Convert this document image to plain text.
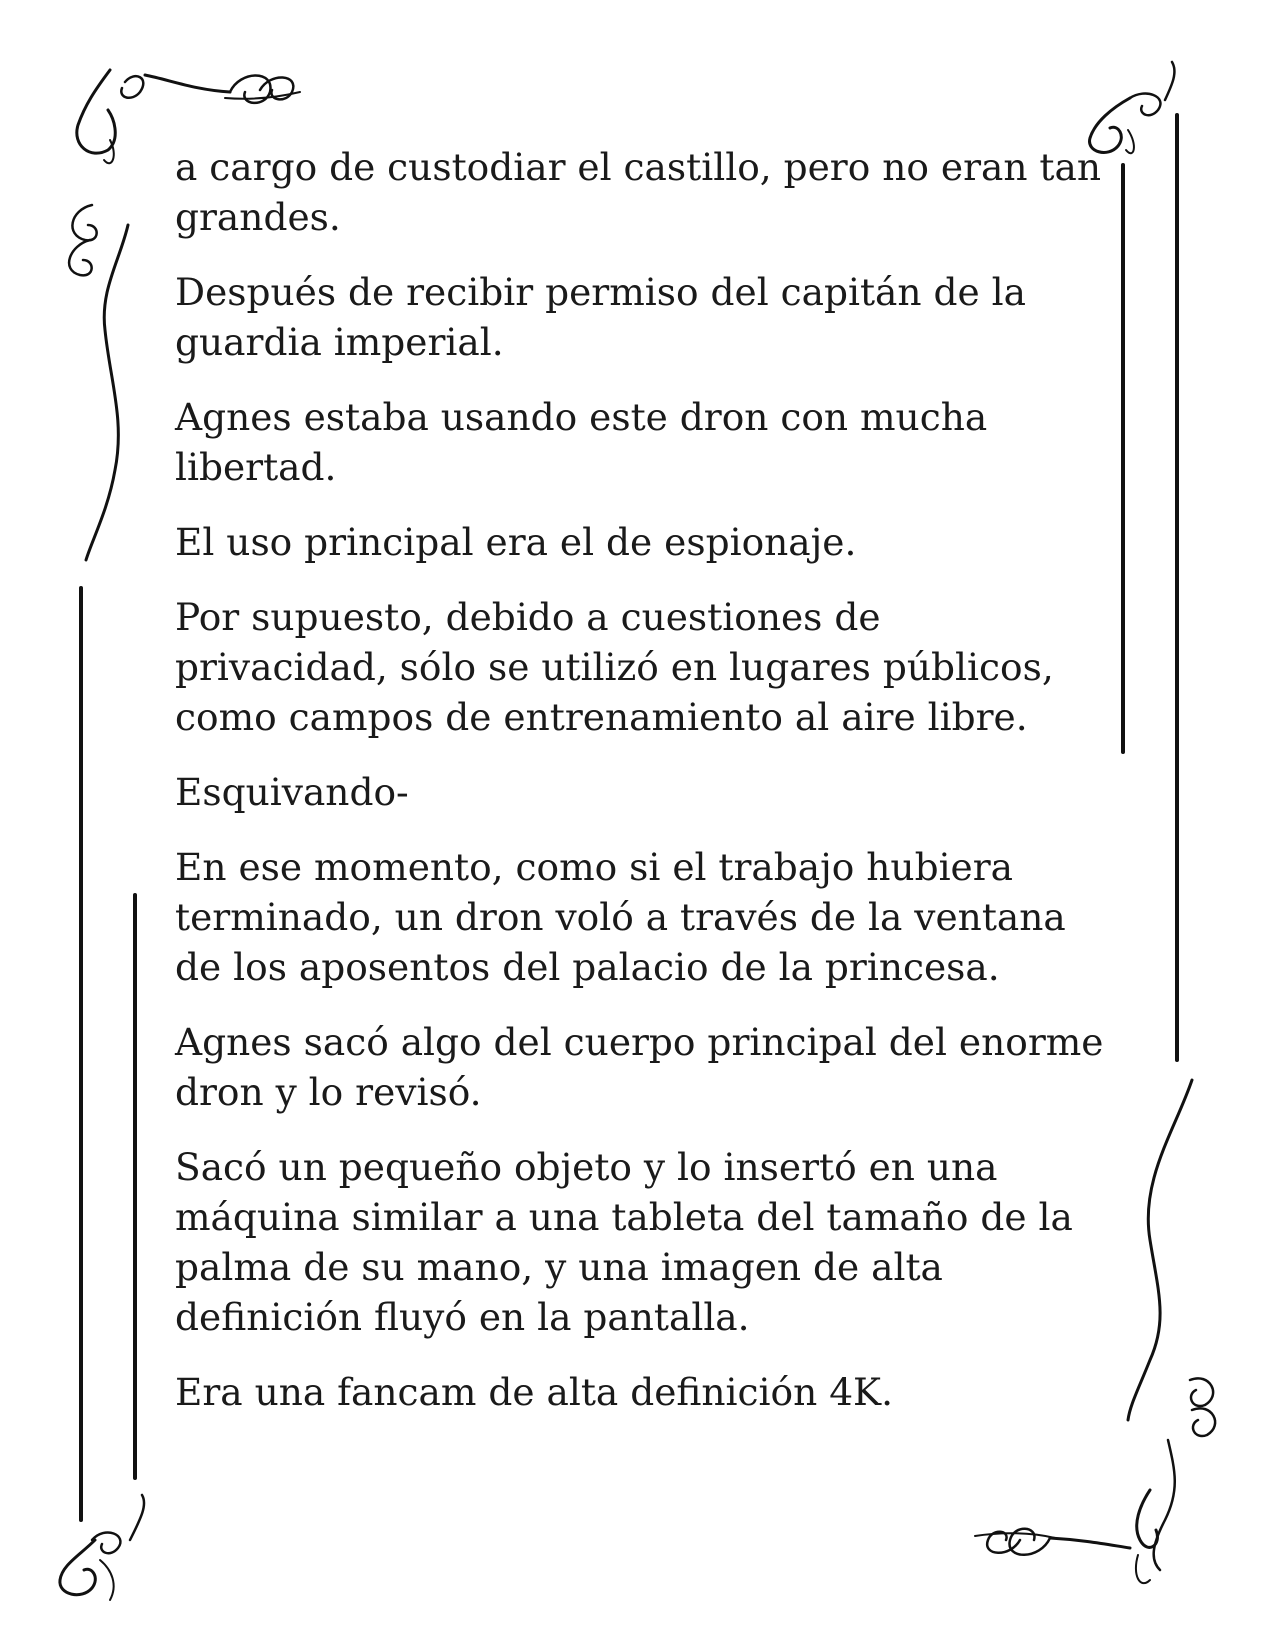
a cargo de custodiar el castillo, pero no eran tan grandes.

Después de recibir permiso del capitán de la guardia imperial.

Agnes estaba usando este dron con mucha libertad.

El uso principal era el de espionaje.

Por supuesto, debido a cuestiones de privacidad, sólo se utilizó en lugares públicos, como campos de entrenamiento al aire libre.

Esquivando-

En ese momento, como si el trabajo hubiera terminado, un dron voló a través de la ventana de los aposentos del palacio de la princesa.

Agnes sacó algo del cuerpo principal del enorme dron y lo revisó.

Sacó un pequeño objeto y lo insertó en una máquina similar a una tableta del tamaño de la palma de su mano, y una imagen de alta definición fluyó en la pantalla.

Era una fancam de alta definición 4K.
